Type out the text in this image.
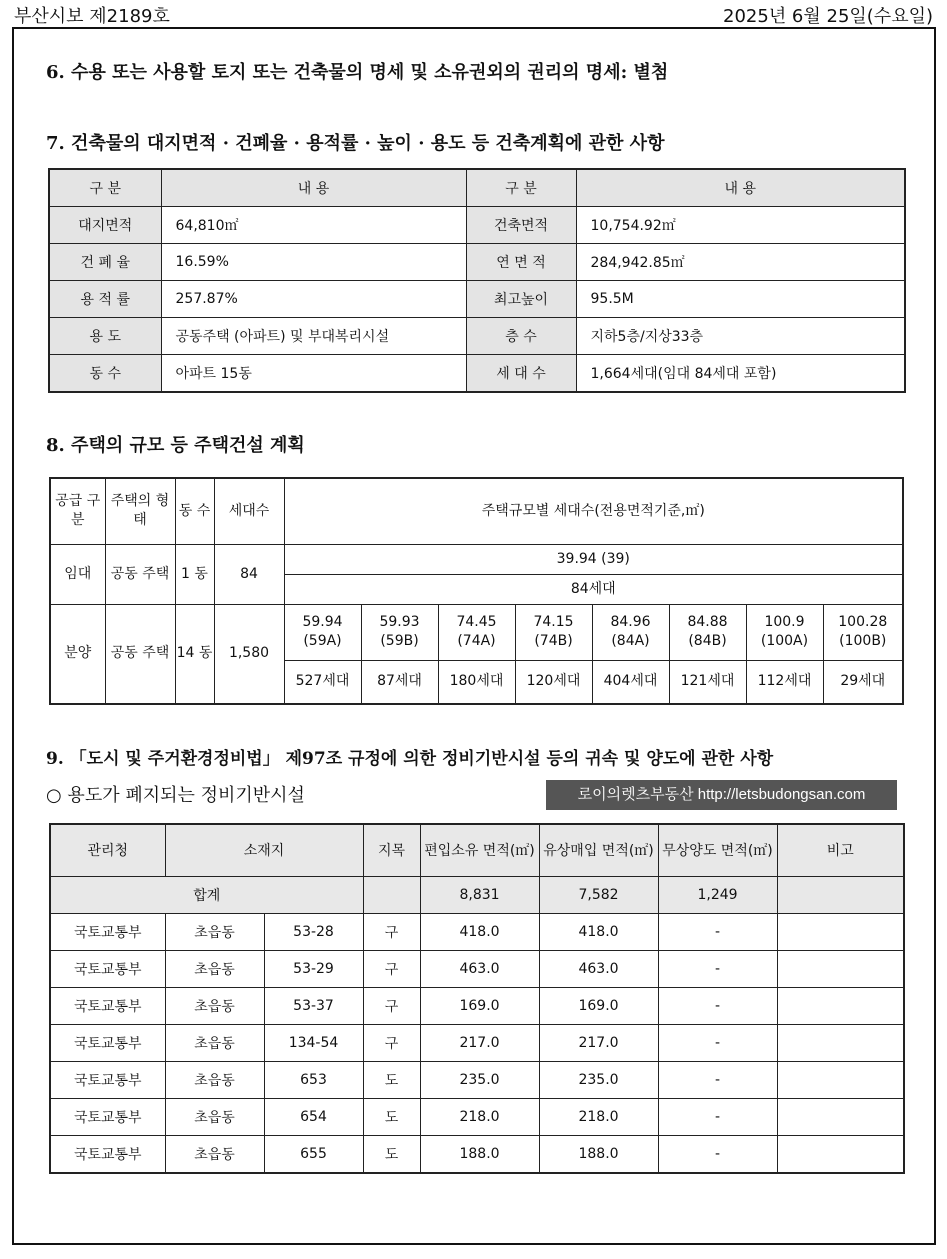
부산시보 제2189호	2025년 6월 25일(수요일)
6. 수용 또는 사용할 토지 또는 건축물의 명세 및 소유권외의 권리의 명세: 별첨
7. 건축물의 대지면적 · 건폐율 · 용적률 · 높이 · 용도 등 건축계획에 관한 사항
구 분	내 용	구 분	내 용
대지면적	64,810㎡	건축면적	10,754.92㎡
건 폐 율	16.59%	연 면 적	284,942.85㎡
용 적 률	257.87%	최고높이	95.5M
용 도	공동주택 (아파트) 및 부대복리시설	층 수	지하5층/지상33층
동 수	아파트 15동	세 대 수	1,664세대(임대 84세대 포함)
8. 주택의 규모 등 주택건설 계획
공급 구분	주택의 형태	동 수	세대수	주택규모별 세대수(전용면적기준,㎡)							
임대	공동 주택	1 동	84	39.94 (39)							
				84세대							
분양	공동 주택	14 동	1,580	59.94 (59A)	59.93 (59B)	74.45 (74A)	74.15 (74B)	84.96 (84A)	84.88 (84B)	100.9 (100A)	100.28 (100B)
				527세대	87세대	180세대	120세대	404세대	121세대	112세대	29세대
9. 「도시 및 주거환경정비법」 제97조 규정에 의한 정비기반시설 등의 귀속 및 양도에 관한 사항
○ 용도가 폐지되는 정비기반시설	로이의렛츠부동산 http://letsbudongsan.com
관리청	소재지		지목	편입소유 면적(㎡)	유상매입 면적(㎡)	무상양도 면적(㎡)	비고
합계				8,831	7,582	1,249	
국토교통부	초읍동	53-28	구	418.0	418.0	-	
국토교통부	초읍동	53-29	구	463.0	463.0	-	
국토교통부	초읍동	53-37	구	169.0	169.0	-	
국토교통부	초읍동	134-54	구	217.0	217.0	-	
국토교통부	초읍동	653	도	235.0	235.0	-	
국토교통부	초읍동	654	도	218.0	218.0	-	
국토교통부	초읍동	655	도	188.0	188.0	-	
